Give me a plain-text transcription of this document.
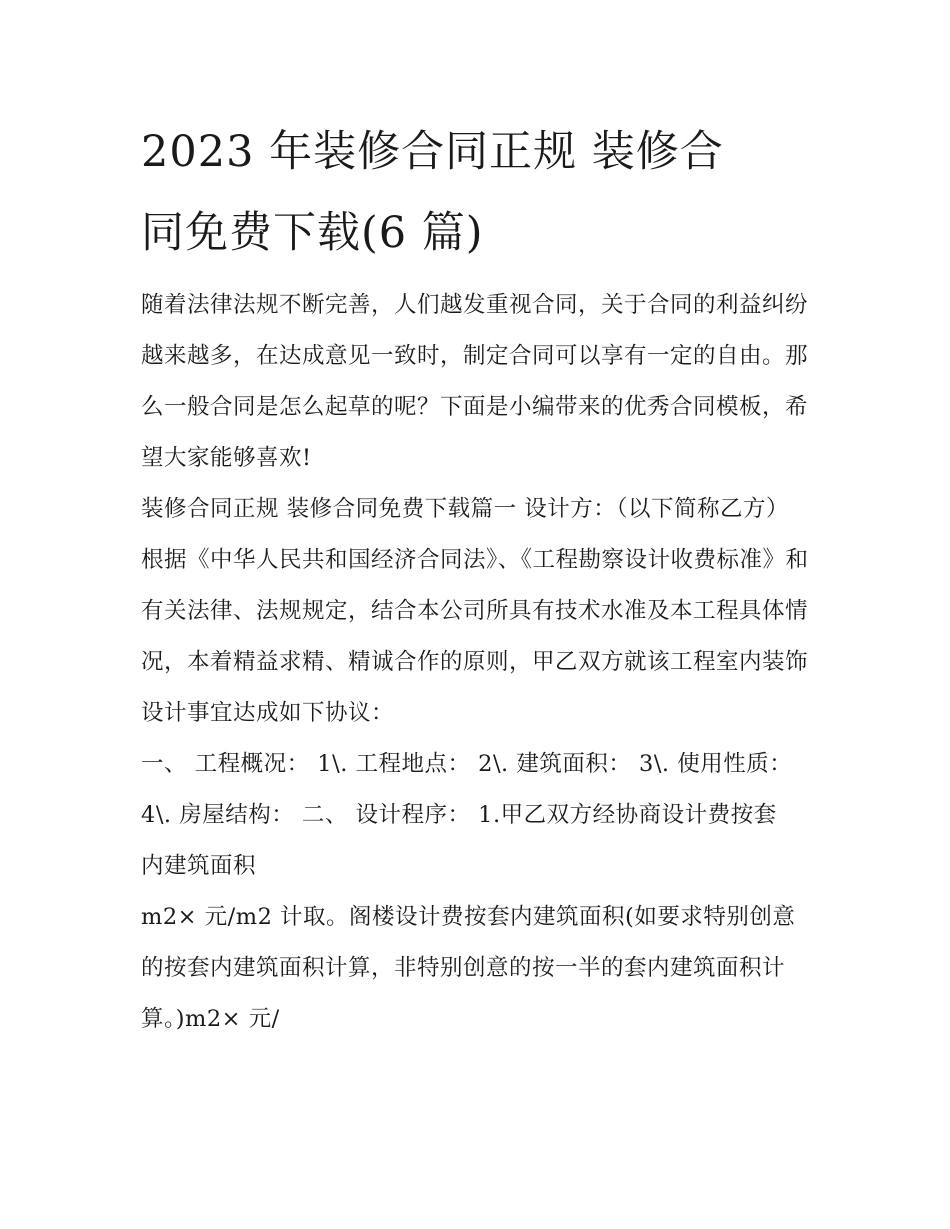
2023 年装修合同正规 装修合
同免费下载(6 篇)

随着法律法规不断完善，人们越发重视合同，关于合同的利益纠纷越来越多，在达成意见一致时，制定合同可以享有一定的自由。那么一般合同是怎么起草的呢？下面是小编带来的优秀合同模板，希望大家能够喜欢!

装修合同正规 装修合同免费下载篇一 设计方：（以下简称乙方）

根据《中华人民共和国经济合同法》、《工程勘察设计收费标准》和有关法律、法规规定，结合本公司所具有技术水准及本工程具体情况，本着精益求精、精诚合作的原则，甲乙双方就该工程室内装饰设计事宜达成如下协议：

一、 工程概况： 1\. 工程地点： 2\. 建筑面积： 3\. 使用性质： 4\. 房屋结构： 二、 设计程序： 1.甲乙双方经协商设计费按套内建筑面积

m2× 元/m2 计取。阁楼设计费按套内建筑面积(如要求特别创意的按套内建筑面积计算，非特别创意的按一半的套内建筑面积计算。)m2× 元/
